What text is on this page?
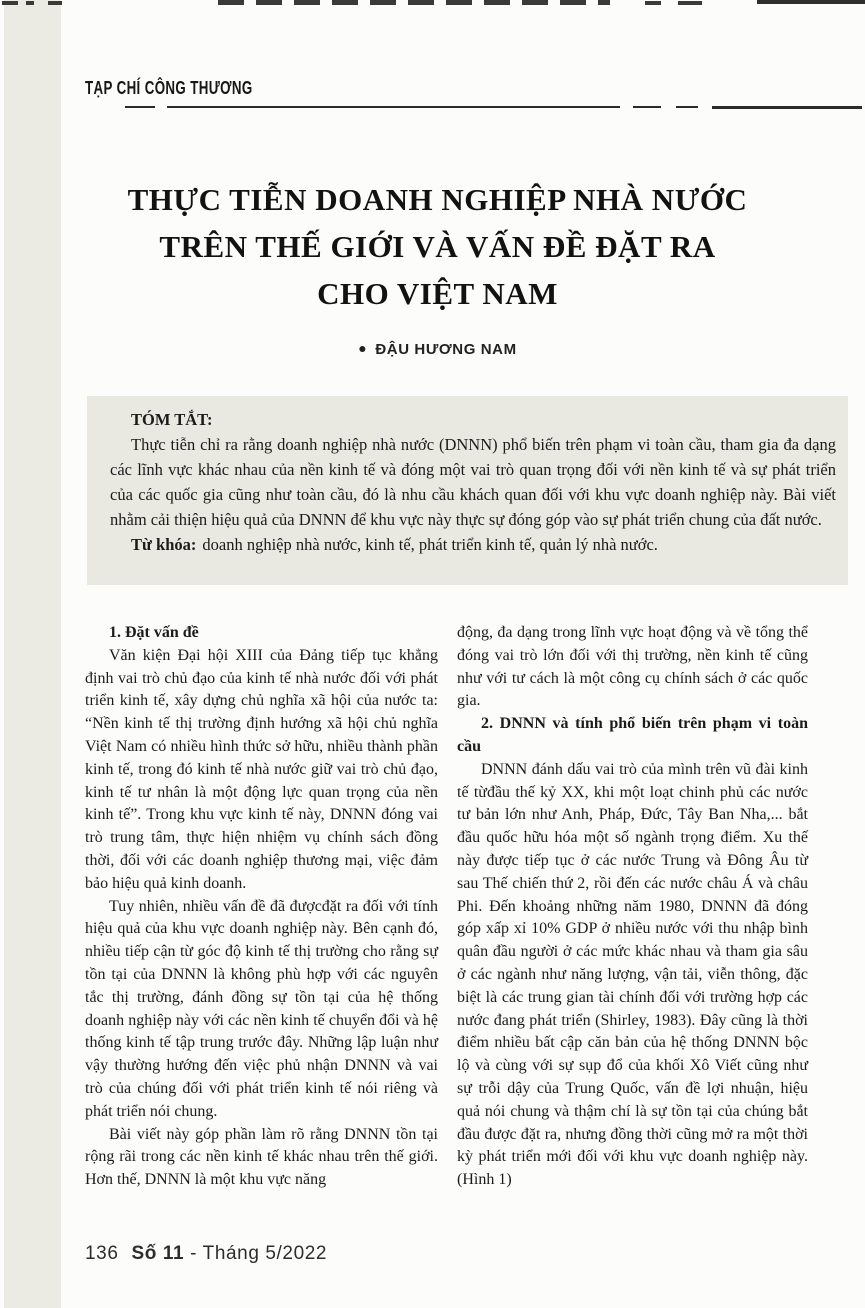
TẠP CHÍ CÔNG THƯƠNG
THỰC TIỄN DOANH NGHIỆP NHÀ NƯỚC
TRÊN THẾ GIỚI VÀ VẤN ĐỀ ĐẶT RA
CHO VIỆT NAM
● ĐẬU HƯƠNG NAM

TÓM TẮT:

Thực tiễn chỉ ra rằng doanh nghiệp nhà nước (DNNN) phổ biến trên phạm vi toàn cầu, tham gia đa dạng các lĩnh vực khác nhau của nền kinh tế và đóng một vai trò quan trọng đối với nền kinh tế và sự phát triển của các quốc gia cũng như toàn cầu, đó là nhu cầu khách quan đối với khu vực doanh nghiệp này. Bài viết nhằm cải thiện hiệu quả của DNNN để khu vực này thực sự đóng góp vào sự phát triển chung của đất nước.

Từ khóa: doanh nghiệp nhà nước, kinh tế, phát triển kinh tế, quản lý nhà nước.

1. Đặt vấn đề

Văn kiện Đại hội XIII của Đảng tiếp tục khẳng định vai trò chủ đạo của kinh tế nhà nước đối với phát triển kinh tế, xây dựng chủ nghĩa xã hội của nước ta: “Nền kinh tế thị trường định hướng xã hội chủ nghĩa Việt Nam có nhiều hình thức sở hữu, nhiều thành phần kinh tế, trong đó kinh tế nhà nước giữ vai trò chủ đạo, kinh tế tư nhân là một động lực quan trọng của nền kinh tế”. Trong khu vực kinh tế này, DNNN đóng vai trò trung tâm, thực hiện nhiệm vụ chính sách đồng thời, đối với các doanh nghiệp thương mại, việc đảm bảo hiệu quả kinh doanh.

Tuy nhiên, nhiều vấn đề đã đượcđặt ra đối với tính hiệu quả của khu vực doanh nghiệp này. Bên cạnh đó, nhiều tiếp cận từ góc độ kinh tế thị trường cho rằng sự tồn tại của DNNN là không phù hợp với các nguyên tắc thị trường, đánh đồng sự tồn tại của hệ thống doanh nghiệp này với các nền kinh tế chuyển đổi và hệ thống kinh tế tập trung trước đây. Những lập luận như vậy thường hướng đến việc phủ nhận DNNN và vai trò của chúng đối với phát triển kinh tế nói riêng và phát triển nói chung.

Bài viết này góp phần làm rõ rằng DNNN tồn tại rộng rãi trong các nền kinh tế khác nhau trên thế giới. Hơn thế, DNNN là một khu vực năng

động, đa dạng trong lĩnh vực hoạt động và về tổng thể đóng vai trò lớn đối với thị trường, nền kinh tế cũng như với tư cách là một công cụ chính sách ở các quốc gia.

2. DNNN và tính phổ biến trên phạm vi toàn cầu

DNNN đánh dấu vai trò của mình trên vũ đài kinh tế từđầu thế kỷ XX, khi một loạt chinh phủ các nước tư bản lớn như Anh, Pháp, Đức, Tây Ban Nha,... bắt đầu quốc hữu hóa một số ngành trọng điểm. Xu thế này được tiếp tục ở các nước Trung và Đông Âu từ sau Thế chiến thứ 2, rồi đến các nước châu Á và châu Phi. Đến khoảng những năm 1980, DNNN đã đóng góp xấp xỉ 10% GDP ở nhiều nước với thu nhập bình quân đầu người ở các mức khác nhau và tham gia sâu ở các ngành như năng lượng, vận tải, viễn thông, đặc biệt là các trung gian tài chính đối với trường hợp các nước đang phát triển (Shirley, 1983). Đây cũng là thời điểm nhiều bất cập căn bản của hệ thống DNNN bộc lộ và cùng với sự sụp đổ của khối Xô Viết cũng như sự trỗi dậy của Trung Quốc, vấn đề lợi nhuận, hiệu quả nói chung và thậm chí là sự tồn tại của chúng bắt đầu được đặt ra, nhưng đồng thời cũng mở ra một thời kỳ phát triển mới đối với khu vực doanh nghiệp này. (Hình 1)

136 Số 11 - Tháng 5/2022
